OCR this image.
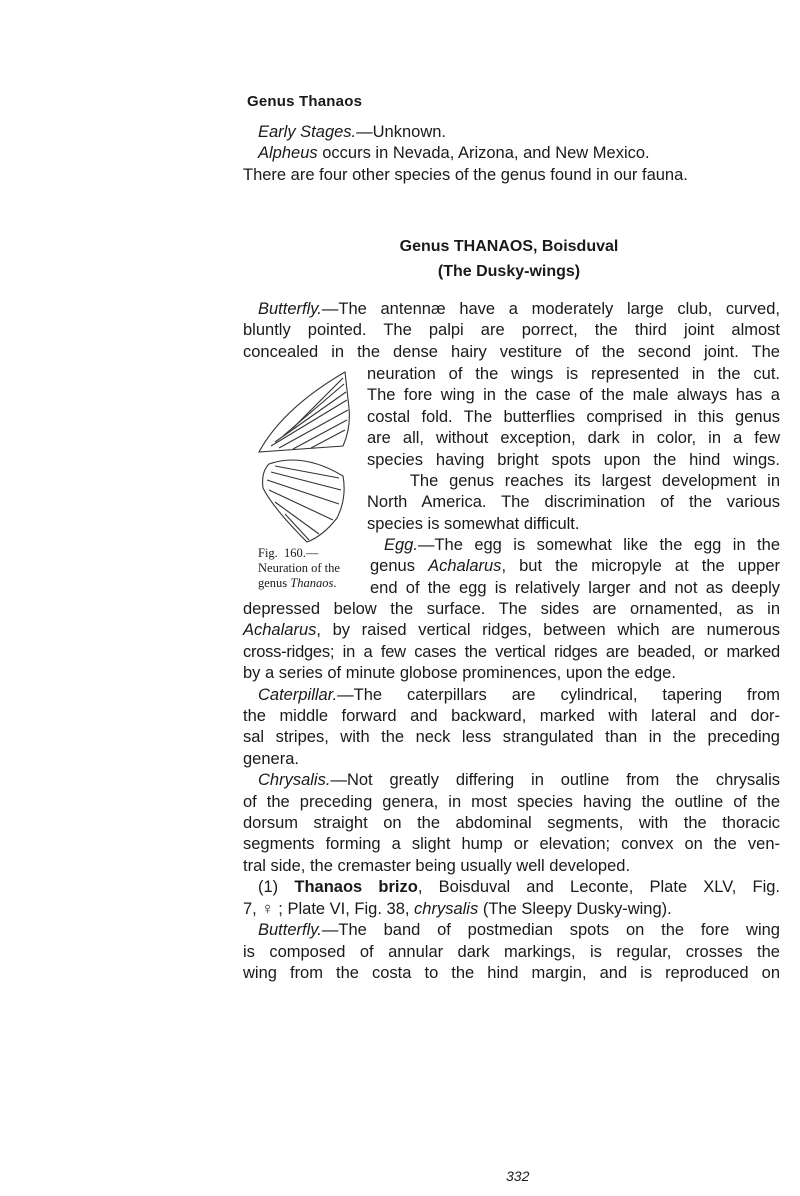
Genus Thanaos
Early Stages.—Unknown.
Alpheus occurs in Nevada, Arizona, and New Mexico.
There are four other species of the genus found in our fauna.
Genus THANAOS, Boisduval
(The Dusky-wings)
Butterfly.—The antennæ have a moderately large club, curved,
bluntly pointed. The palpi are porrect, the third joint almost
concealed in the dense hairy vestiture of the second joint. The
neuration of the wings is represented in the cut.
The fore wing in the case of the male always has a
costal fold. The butterflies comprised in this genus
are all, without exception, dark in color, in a few
species having bright spots upon the hind wings.
The genus reaches its largest development in
North America. The discrimination of the various
species is somewhat difficult.
Egg.—The egg is somewhat like the egg in the
genus Achalarus, but the micropyle at the upper
end of the egg is relatively larger and not as deeply
Fig.  160.—
Neuration of the
genus Thanaos.
depressed below the surface. The sides are ornamented, as in
Achalarus, by raised vertical ridges, between which are numerous
cross-ridges; in a few cases the vertical ridges are beaded, or marked
by a series of minute globose prominences, upon the edge.
Caterpillar.—The caterpillars are cylindrical, tapering from
the middle forward and backward, marked with lateral and dor-
sal stripes, with the neck less strangulated than in the preceding
genera.
Chrysalis.—Not greatly differing in outline from the chrysalis
of the preceding genera, in most species having the outline of the
dorsum straight on the abdominal segments, with the thoracic
segments forming a slight hump or elevation; convex on the ven-
tral side, the cremaster being usually well developed.
(1) Thanaos brizo, Boisduval and Leconte, Plate XLV, Fig.
7, ♀ ; Plate VI, Fig. 38, chrysalis (The Sleepy Dusky-wing).
Butterfly.—The band of postmedian spots on the fore wing
is composed of annular dark markings, is regular, crosses the
wing from the costa to the hind margin, and is reproduced on
332
